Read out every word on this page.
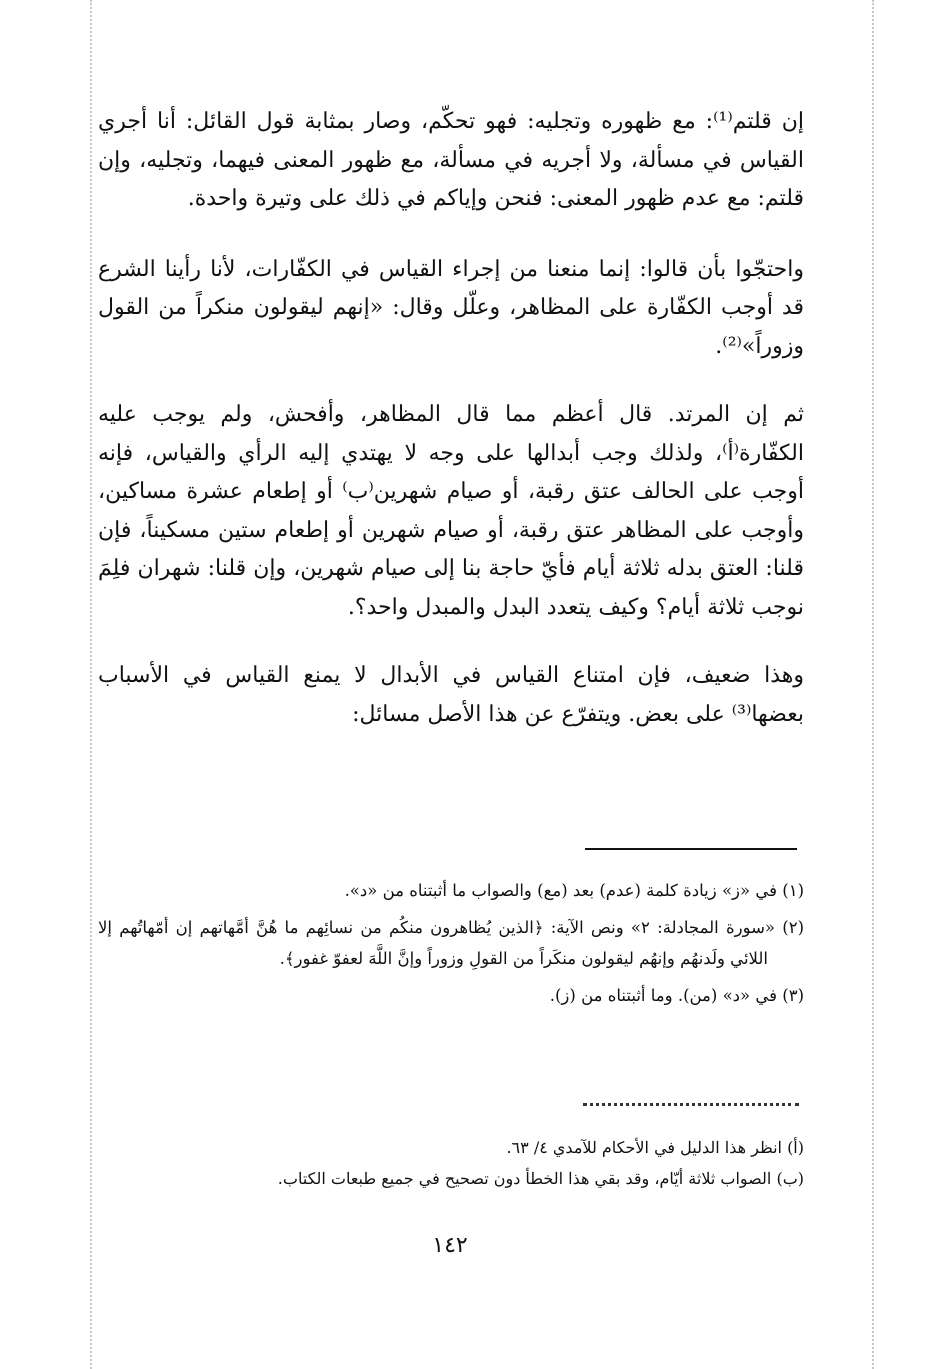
إن قلتم⁽¹⁾: مع ظهوره وتجليه: فهو تحكّم، وصار بمثابة قول القائل: أنا أجري القياس في مسألة، ولا أجريه في مسألة، مع ظهور المعنى فيهما، وتجليه، وإن قلتم: مع عدم ظهور المعنى: فنحن وإياكم في ذلك على وتيرة واحدة.

واحتجّوا بأن قالوا: إنما منعنا من إجراء القياس في الكفّارات، لأنا رأينا الشرع قد أوجب الكفّارة على المظاهر، وعلّل وقال: «إنهم ليقولون منكراً من القول وزوراً»⁽²⁾.

ثم إن المرتد. قال أعظم مما قال المظاهر، وأفحش، ولم يوجب عليه الكفّارة⁽أ⁾، ولذلك وجب أبدالها على وجه لا يهتدي إليه الرأي والقياس، فإنه أوجب على الحالف عتق رقبة، أو صيام شهرين⁽ب⁾ أو إطعام عشرة مساكين، وأوجب على المظاهر عتق رقبة، أو صيام شهرين أو إطعام ستين مسكيناً، فإن قلنا: العتق بدله ثلاثة أيام فأيّ حاجة بنا إلى صيام شهرين، وإن قلنا: شهران فلِمَ نوجب ثلاثة أيام؟ وكيف يتعدد البدل والمبدل واحد؟.

وهذا ضعيف، فإن امتناع القياس في الأبدال لا يمنع القياس في الأسباب بعضها⁽³⁾ على بعض. ويتفرّع عن هذا الأصل مسائل:

(١) في «ز» زيادة كلمة (عدم) بعد (مع) والصواب ما أثبتناه من «د».

(٢) «سورة المجادلة: ٢» ونص الآية: ﴿الذين يُظاهرون منكُم من نسائِهم ما هُنَّ أمَّهاتهم إن أمّهاتُهم إلا اللائي ولَدنهُم وإنهُم ليقولون منكَراً من القولِ وزوراً وإنَّ اللَّهَ لعفوّ غفور﴾.

(٣) في «د» (من). وما أثبتناه من (ز).

(أ) انظر هذا الدليل في الأحكام للآمدي ٤/ ٦٣.

(ب) الصواب ثلاثة أيّام، وقد بقي هذا الخطأ دون تصحيح في جميع طبعات الكتاب.

١٤٢
